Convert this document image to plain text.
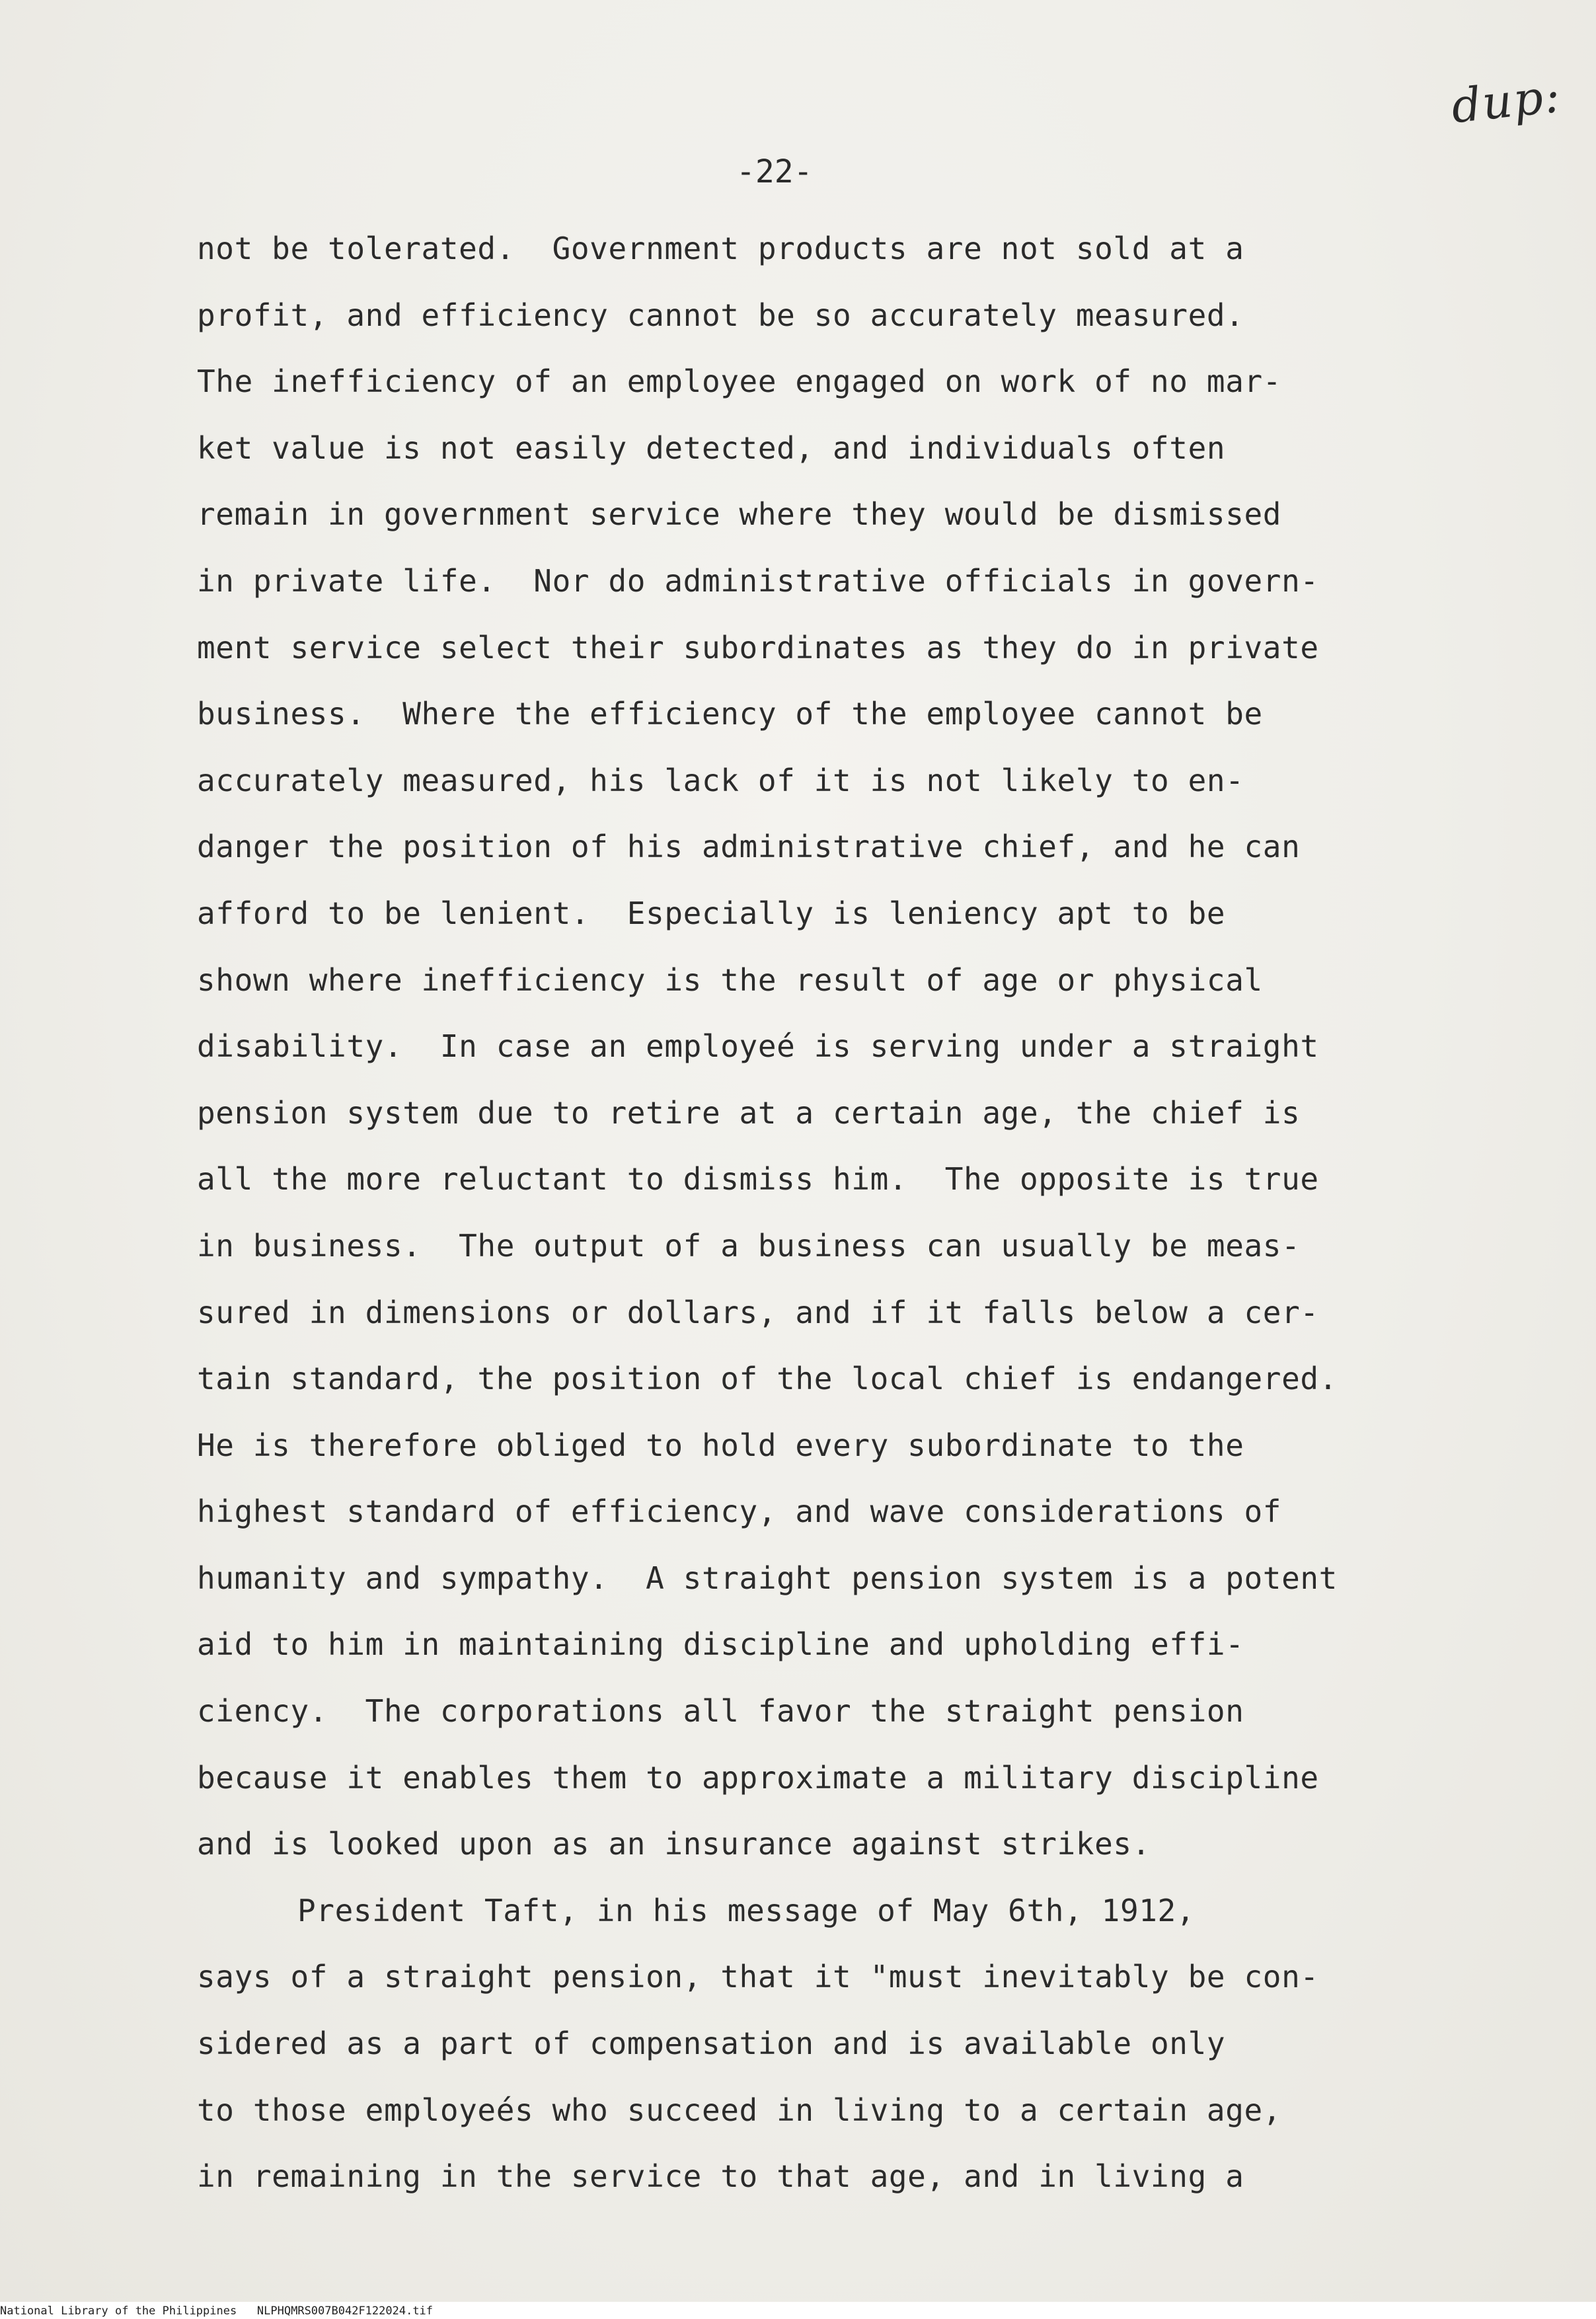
dup:
-22-
not be tolerated.  Government products are not sold at a
profit, and efficiency cannot be so accurately measured.
The inefficiency of an employee engaged on work of no mar-
ket value is not easily detected, and individuals often
remain in government service where they would be dismissed
in private life.  Nor do administrative officials in govern-
ment service select their subordinates as they do in private
business.  Where the efficiency of the employee cannot be
accurately measured, his lack of it is not likely to en-
danger the position of his administrative chief, and he can
afford to be lenient.  Especially is leniency apt to be
shown where inefficiency is the result of age or physical
disability.  In case an employeé is serving under a straight
pension system due to retire at a certain age, the chief is
all the more reluctant to dismiss him.  The opposite is true
in business.  The output of a business can usually be meas-
sured in dimensions or dollars, and if it falls below a cer-
tain standard, the position of the local chief is endangered.
He is therefore obliged to hold every subordinate to the
highest standard of efficiency, and wave considerations of
humanity and sympathy.  A straight pension system is a potent
aid to him in maintaining discipline and upholding effi-
ciency.  The corporations all favor the straight pension
because it enables them to approximate a military discipline
and is looked upon as an insurance against strikes.
President Taft, in his message of May 6th, 1912,
says of a straight pension, that it "must inevitably be con-
sidered as a part of compensation and is available only
to those employeés who succeed in living to a certain age,
in remaining in the service to that age, and in living a
National Library of the Philippines   NLPHQMRS007B042F122024.tif
